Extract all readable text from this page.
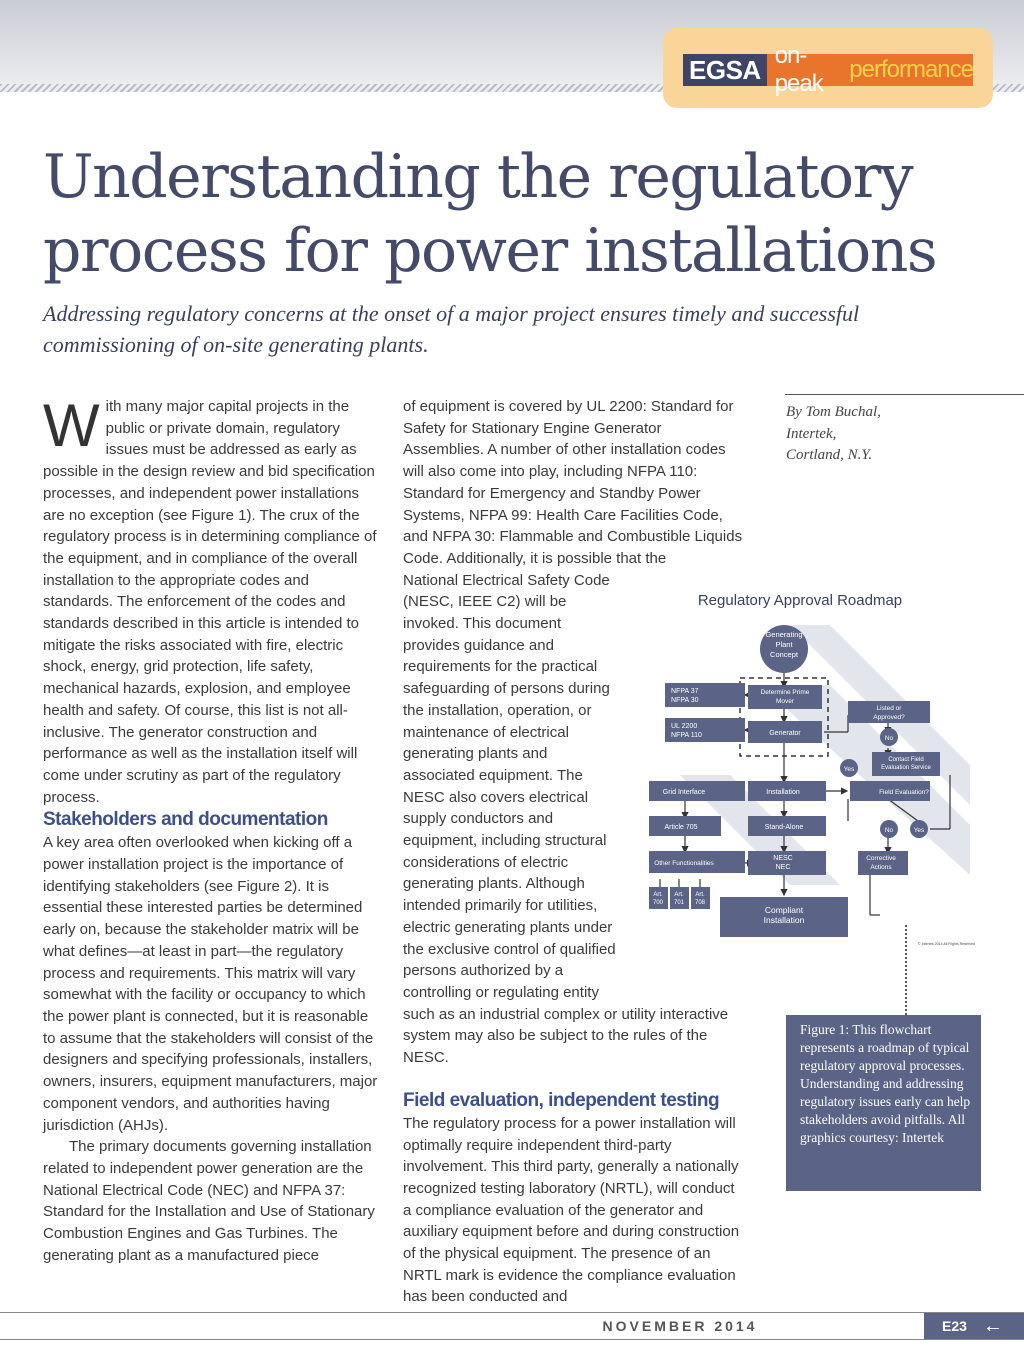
EGSA on-peak
performance
Understanding the regulatory
process for power installations

Addressing regulatory concerns at the onset of a major project ensures timely and successful commissioning of on-site generating plants.

With many major capital projects in the public or private domain, regulatory issues must be addressed as early as possible in the design review and bid specification processes, and independent power installations are no exception (see Figure 1). The crux of the regulatory process is in determining compliance of the equipment, and in compliance of the overall installation to the appropriate codes and standards. The enforcement of the codes and standards described in this article is intended to mitigate the risks associated with fire, electric shock, energy, grid protection, life safety, mechanical hazards, explosion, and employee health and safety. Of course, this list is not all-inclusive. The generator construction and performance as well as the installation itself will come under scrutiny as part of the regulatory process.

Stakeholders and documentation

A key area often overlooked when kicking off a power installation project is the importance of identifying stakeholders (see Figure 2). It is essential these interested parties be determined early on, because the stakeholder matrix will be what defines—at least in part—the regulatory process and requirements. This matrix will vary somewhat with the facility or occupancy to which the power plant is connected, but it is reasonable to assume that the stakeholders will consist of the designers and specifying professionals, installers, owners, insurers, equipment manufacturers, major component vendors, and authorities having jurisdiction (AHJs).

The primary documents governing installation related to independent power generation are the National Electrical Code (NEC) and NFPA 37: Standard for the Installation and Use of Stationary Combustion Engines and Gas Turbines. The generating plant as a manufactured piece

of equipment is covered by UL 2200: Standard for Safety for Stationary Engine Generator Assemblies. A number of other installation codes will also come into play, including NFPA 110: Standard for Emergency and Standby Power Systems, NFPA 99: Health Care Facilities Code, and NFPA 30: Flammable and Combustible Liquids Code. Additionally, it is possible that the

National Electrical Safety Code (NESC, IEEE C2) will be invoked. This document provides guidance and requirements for the practical safeguarding of persons during the installation, operation, or maintenance of electrical generating plants and associated equipment. The NESC also covers electrical supply conductors and equipment, including structural considerations of electric generating plants. Although intended primarily for utilities, electric generating plants under the exclusive control of qualified persons authorized by a controlling or regulating entity

such as an industrial complex or utility interactive system may also be subject to the rules of the NESC.

Field evaluation, independent testing

The regulatory process for a power installation will optimally require independent third-party involvement. This third party, generally a nationally recognized testing laboratory (NRTL), will conduct a compliance evaluation of the generator and auxiliary equipment before and during construction of the physical equipment. The presence of an NRTL mark is evidence the compliance evaluation has been conducted and

By Tom Buchal,
Intertek,
Cortland, N.Y.
Regulatory Approval Roadmap
Generating Plant Concept
NFPA 37 NFPA 30
UL 2200 NFPA 110
Determine Prime Mover
Generator
Listed or Approved?
No
Yes
Contact Field Evaluation Service
Grid Interface	Installation	Field Evaluation?
Article 705	Stand-Alone	No	Yes
Other Functionalities
NESC NEC
Corrective Actions
Art. 700
Art. 701
Art. 708
Compliant Installation
© Intertek 2014 All Rights Reserved
Figure 1: This flowchart represents a roadmap of typical regulatory approval processes. Understanding and addressing regulatory issues early can help stakeholders avoid pitfalls. All graphics courtesy: Intertek
NOVEMBER 2014	E23 ←
